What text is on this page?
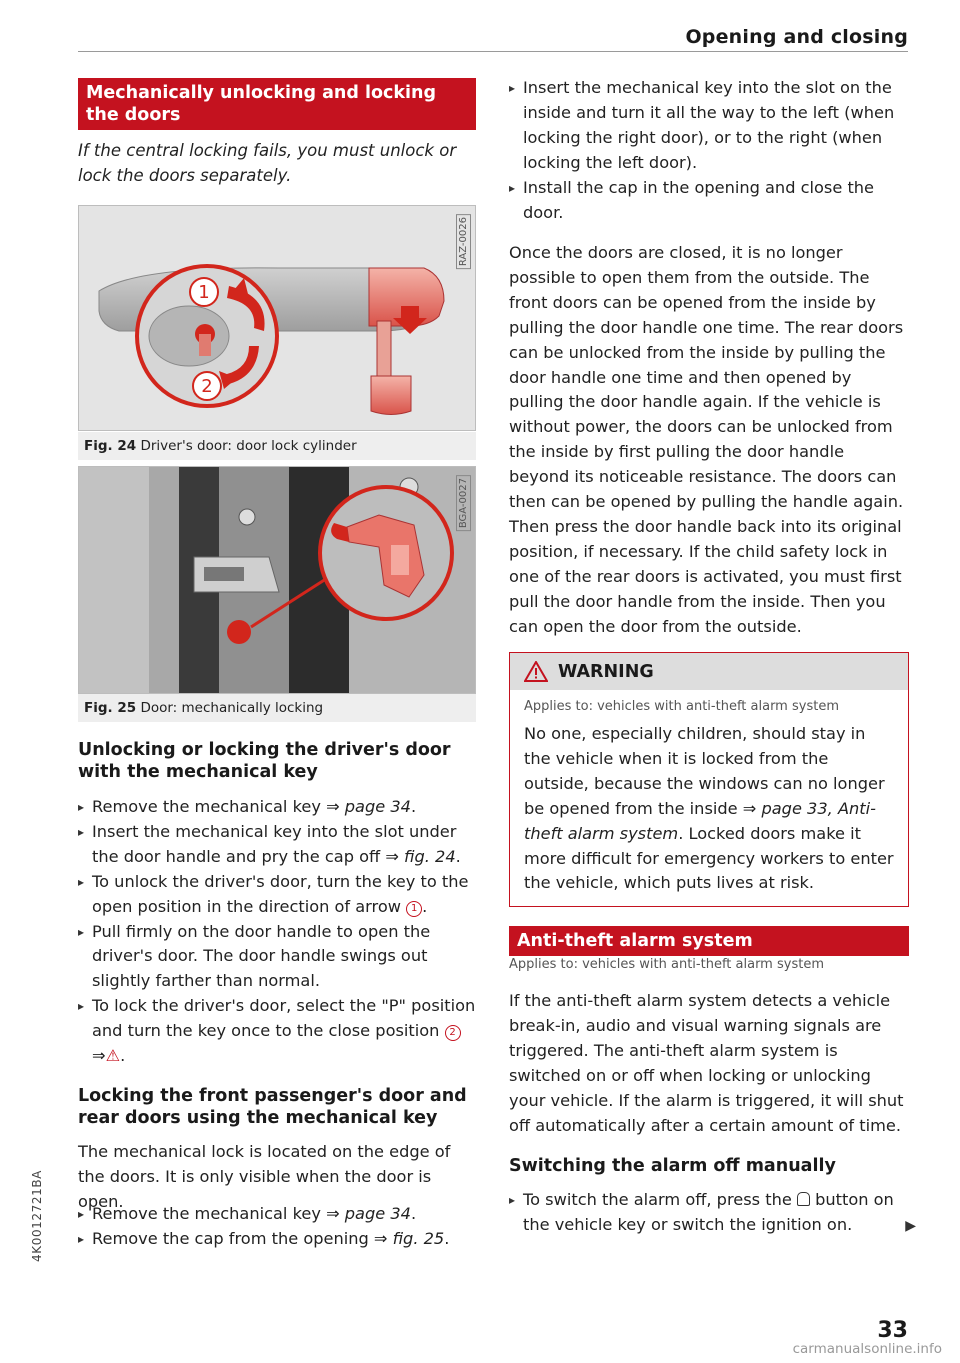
Opening and closing
Mechanically unlocking and locking the doors

If the central locking fails, you must unlock or lock the doors separately.

RAZ-0026
1
2
Fig. 24 Driver's door: door lock cylinder
BGA-0027
Fig. 25 Door: mechanically locking

Unlocking or locking the driver's door with the mechanical key

▸ Remove the mechanical key ⇒ page 34.

▸ Insert the mechanical key into the slot under the door handle and pry the cap off ⇒ fig. 24.

▸ To unlock the driver's door, turn the key to the open position in the direction of arrow 1 .

▸ Pull firmly on the door handle to open the driver's door. The door handle swings out slightly farther than normal.

▸ To lock the driver's door, select the "P" position and turn the key once to the close position 2⇒⚠.

Locking the front passenger's door and rear doors using the mechanical key

The mechanical lock is located on the edge of the doors. It is only visible when the door is open.

▸ Remove the mechanical key ⇒ page 34.

▸ Remove the cap from the opening ⇒ fig. 25.

▸ Insert the mechanical key into the slot on the inside and turn it all the way to the left (when locking the right door), or to the right (when locking the left door).

▸ Install the cap in the opening and close the door.

Once the doors are closed, it is no longer possible to open them from the outside. The front doors can be opened from the inside by pulling the door handle one time. The rear doors can be unlocked from the inside by pulling the door handle one time and then opened by pulling the door handle again. If the vehicle is without power, the doors can be unlocked from the inside by first pulling the door handle beyond its noticeable resistance. The doors can then can be opened by pulling the handle again. Then press the door handle back into its original position, if necessary. If the child safety lock in one of the rear doors is activated, you must first pull the door handle from the inside. Then you can open the door from the outside.

WARNING

Applies to: vehicles with anti-theft alarm system

No one, especially children, should stay in the vehicle when it is locked from the outside, because the windows can no longer be opened from the inside ⇒ page 33, Anti-theft alarm system. Locked doors make it more difficult for emergency workers to enter the vehicle, which puts lives at risk.

Anti-theft alarm system

Applies to: vehicles with anti-theft alarm system

If the anti-theft alarm system detects a vehicle break-in, audio and visual warning signals are triggered. The anti-theft alarm system is switched on or off when locking or unlocking your vehicle. If the alarm is triggered, it will shut off automatically after a certain amount of time.

Switching the alarm off manually

▸ To switch the alarm off, press the  button on the vehicle key or switch the ignition on.	▶
4K0012721BA
33
carmanualsonline.info
